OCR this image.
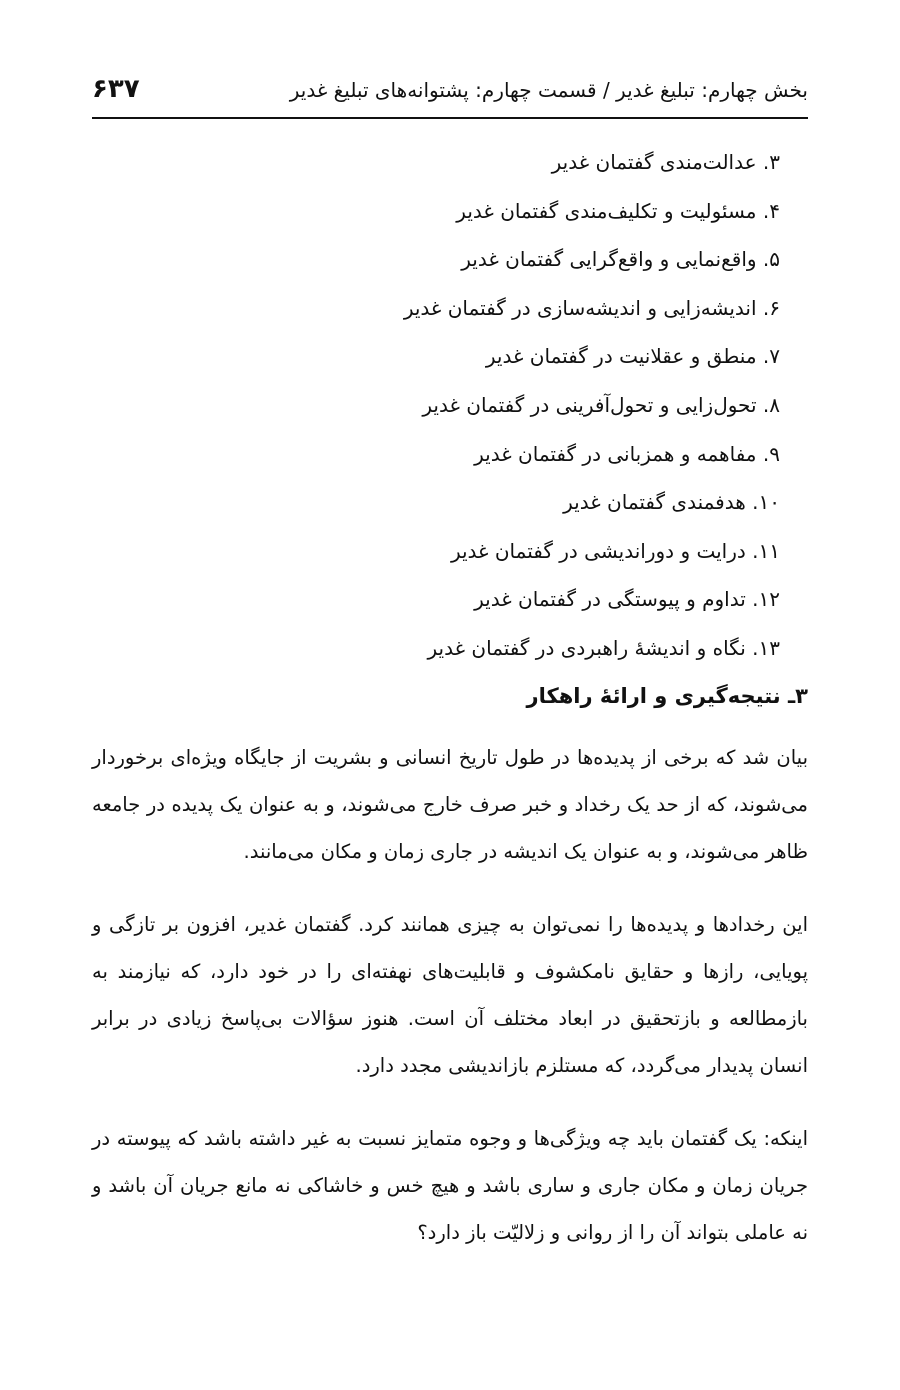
بخش چهارم: تبلیغ غدیر / قسمت چهارم: پشتوانه‌های تبلیغ غدیر
۶۳۷
۳. عدالت‌مندی گفتمان غدیر
۴. مسئولیت و تکلیف‌مندی گفتمان غدیر
۵. واقع‌نمایی و واقع‌گرایی گفتمان غدیر
۶. اندیشه‌زایی و اندیشه‌سازی در گفتمان غدیر
۷. منطق و عقلانیت در گفتمان غدیر
۸. تحول‌زایی و تحول‌آفرینی در گفتمان غدیر
۹. مفاهمه و همزبانی در گفتمان غدیر
۱۰. هدفمندی گفتمان غدیر
۱۱. درایت و دوراندیشی در گفتمان غدیر
۱۲. تداوم و پیوستگی در گفتمان غدیر
۱۳. نگاه و اندیشهٔ راهبردی در گفتمان غدیر
۳ـ نتیجه‌گیری و ارائهٔ راهکار

بیان شد که برخی از پدیده‌ها در طول تاریخ انسانی و بشریت از جایگاه ویژه‌ای برخوردار می‌شوند، که از حد یک رخداد و خبر صرف خارج می‌شوند، و به عنوان یک پدیده در جامعه ظاهر می‌شوند، و به عنوان یک اندیشه در جاری زمان و مکان می‌مانند.

این رخدادها و پدیده‌ها را نمی‌توان به چیزی همانند کرد. گفتمان غدیر، افزون بر تازگی و پویایی، رازها و حقایق نامکشوف و قابلیت‌های نهفته‌ای را در خود دارد، که نیازمند به بازمطالعه و بازتحقیق در ابعاد مختلف آن است. هنوز سؤالات بی‌پاسخ زیادی در برابر انسان پدیدار می‌گردد، که مستلزم بازاندیشی مجدد دارد.

اینکه: یک گفتمان باید چه ویژگی‌ها و وجوه متمایز نسبت به غیر داشته باشد که پیوسته در جریان زمان و مکان جاری و ساری باشد و هیچ خس و خاشاکی نه مانع جریان آن باشد و نه عاملی بتواند آن را از روانی و زلالیّت باز دارد؟
